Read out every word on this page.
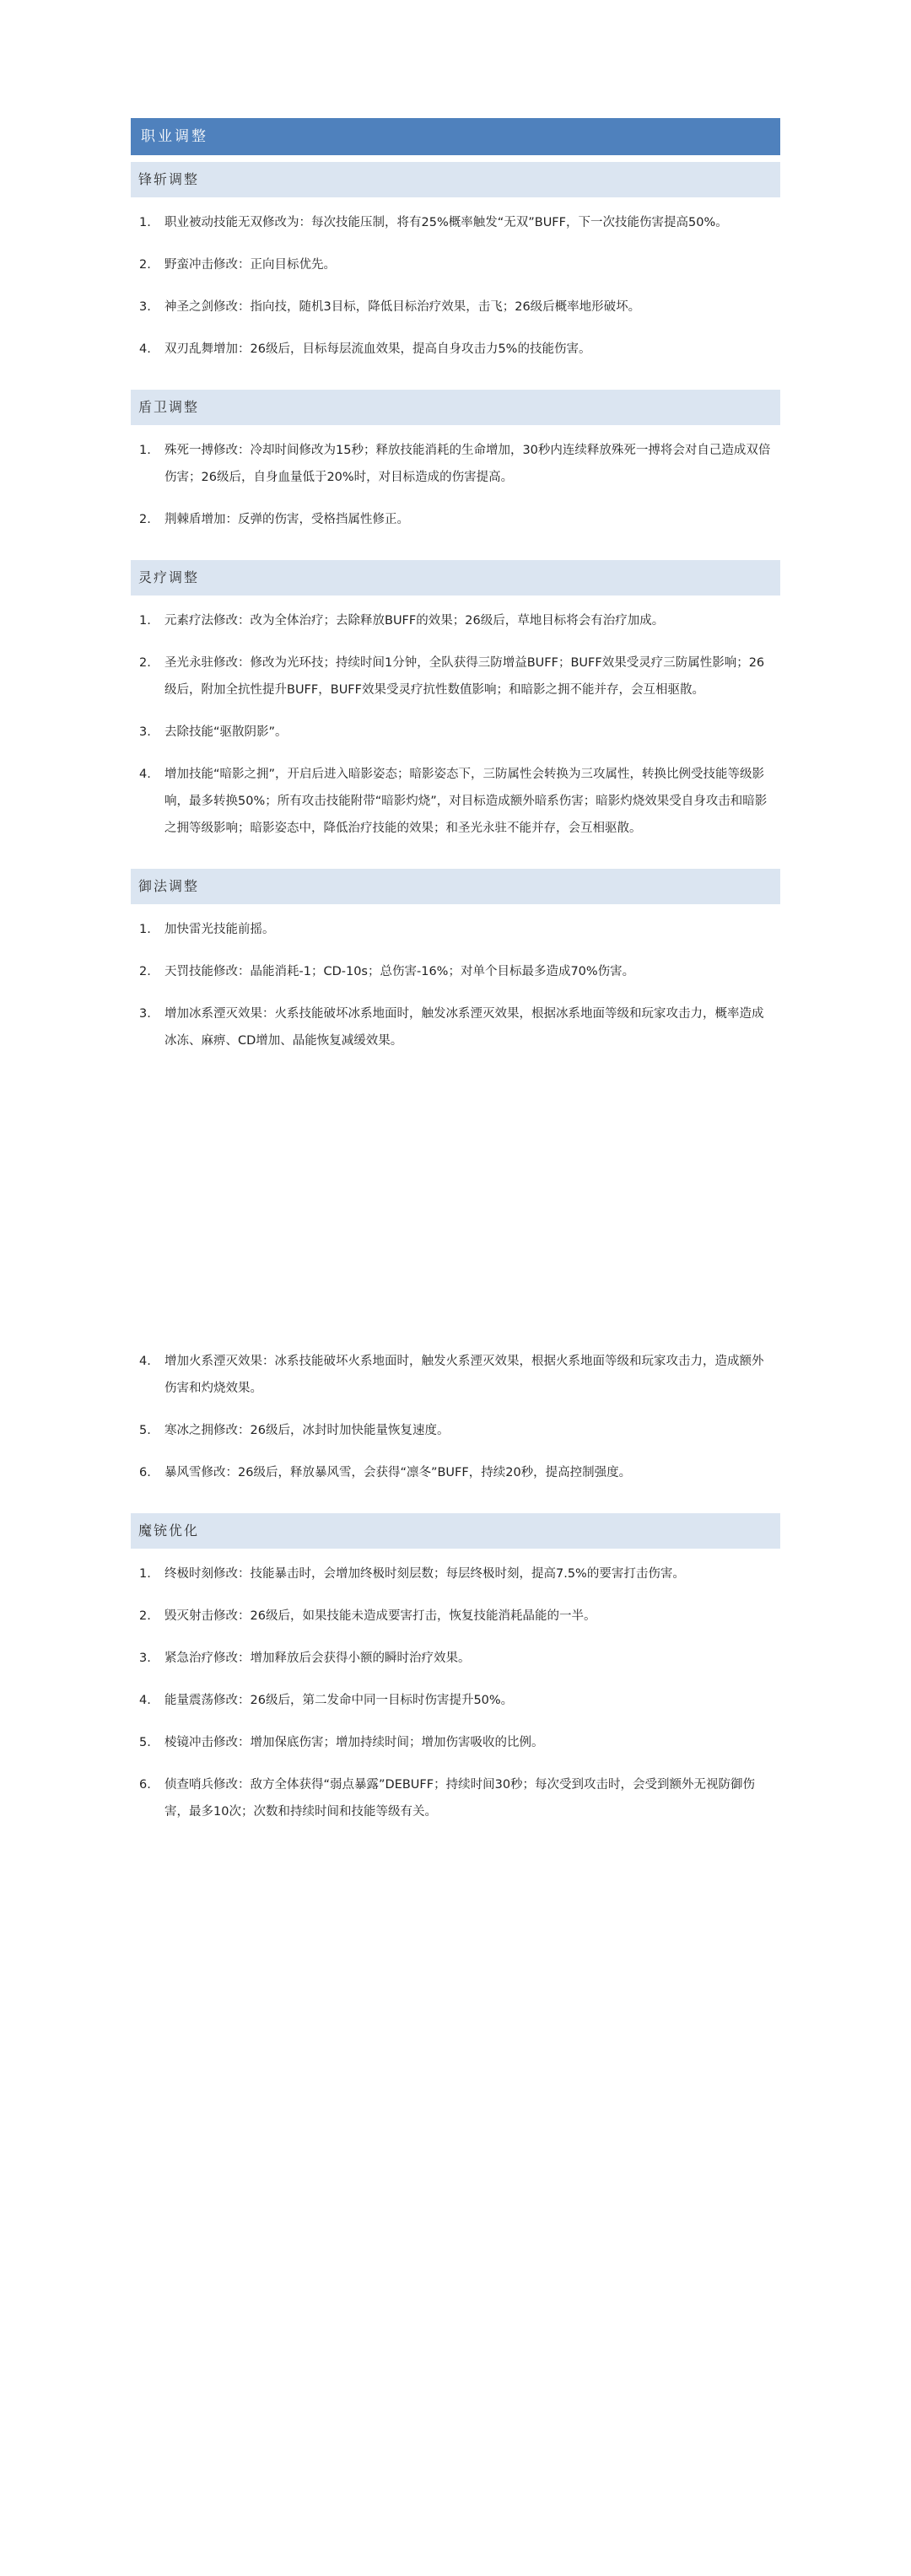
职业调整
锋斩调整
1. 职业被动技能无双修改为：每次技能压制，将有25%概率触发“无双”BUFF，下一次技能伤害提高50%。
2. 野蛮冲击修改：正向目标优先。
3. 神圣之剑修改：指向技，随机3目标，降低目标治疗效果，击飞；26级后概率地形破坏。
4. 双刃乱舞增加：26级后，目标每层流血效果，提高自身攻击力5%的技能伤害。
盾卫调整
1. 殊死一搏修改：冷却时间修改为15秒；释放技能消耗的生命增加，30秒内连续释放殊死一搏将会对自己造成双倍伤害；26级后，自身血量低于20%时，对目标造成的伤害提高。
2. 荆棘盾增加：反弹的伤害，受格挡属性修正。
灵疗调整
1. 元素疗法修改：改为全体治疗；去除释放BUFF的效果；26级后，草地目标将会有治疗加成。
2. 圣光永驻修改：修改为光环技；持续时间1分钟，全队获得三防增益BUFF；BUFF效果受灵疗三防属性影响；26级后，附加全抗性提升BUFF，BUFF效果受灵疗抗性数值影响；和暗影之拥不能并存，会互相驱散。
3. 去除技能“驱散阴影”。
4. 增加技能“暗影之拥”，开启后进入暗影姿态；暗影姿态下，三防属性会转换为三攻属性，转换比例受技能等级影响，最多转换50%；所有攻击技能附带“暗影灼烧”，对目标造成额外暗系伤害；暗影灼烧效果受自身攻击和暗影之拥等级影响；暗影姿态中，降低治疗技能的效果；和圣光永驻不能并存，会互相驱散。
御法调整
1. 加快雷光技能前摇。
2. 天罚技能修改：晶能消耗-1；CD-10s；总伤害-16%；对单个目标最多造成70%伤害。
3. 增加冰系湮灭效果：火系技能破坏冰系地面时，触发冰系湮灭效果，根据冰系地面等级和玩家攻击力，概率造成冰冻、麻痹、CD增加、晶能恢复减缓效果。
4. 增加火系湮灭效果：冰系技能破坏火系地面时，触发火系湮灭效果，根据火系地面等级和玩家攻击力，造成额外伤害和灼烧效果。
5. 寒冰之拥修改：26级后，冰封时加快能量恢复速度。
6. 暴风雪修改：26级后，释放暴风雪，会获得“凛冬”BUFF，持续20秒，提高控制强度。
魔铳优化
1. 终极时刻修改：技能暴击时，会增加终极时刻层数；每层终极时刻，提高7.5%的要害打击伤害。
2. 毁灭射击修改：26级后，如果技能未造成要害打击，恢复技能消耗晶能的一半。
3. 紧急治疗修改：增加释放后会获得小额的瞬时治疗效果。
4. 能量震荡修改：26级后，第二发命中同一目标时伤害提升50%。
5. 棱镜冲击修改：增加保底伤害；增加持续时间；增加伤害吸收的比例。
6. 侦查哨兵修改：敌方全体获得“弱点暴露”DEBUFF；持续时间30秒；每次受到攻击时，会受到额外无视防御伤害，最多10次；次数和持续时间和技能等级有关。
